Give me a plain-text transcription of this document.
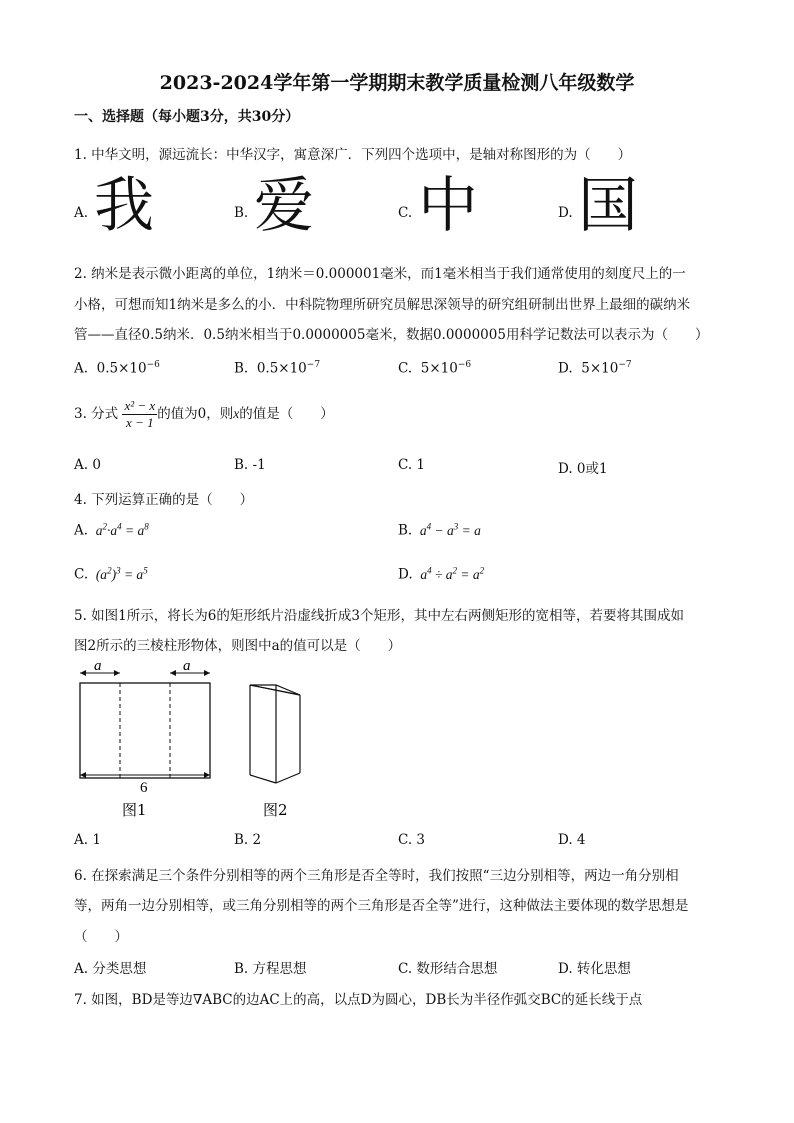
2023-2024学年第一学期期末教学质量检测八年级数学
一、选择题（每小题3分，共30分）
1. 中华文明，源远流长：中华汉字，寓意深广．下列四个选项中，是轴对称图形的为（　　）
A. 我	B. 爱	C. 中	D. 国
2. 纳米是表示微小距离的单位，1纳米＝0.000001毫米，而1毫米相当于我们通常使用的刻度尺上的一
小格，可想而知1纳米是多么的小．中科院物理所研究员解思深领导的研究组研制出世界上最细的碳纳米
管——直径0.5纳米．0.5纳米相当于0.0000005毫米，数据0.0000005用科学记数法可以表示为（　　）
A. $0.5\times 10^{-6}$	B. $0.5\times 10^{-7}$	C. $5\times 10^{-6}$	D. $5\times 10^{-7}$
3. 分式 $\frac{\text{x² − x}}{x - 1}$ 的值为0，则x的值是（　　）
A. 0	B. -1	C. 1	D. 0或1
4. 下列运算正确的是（　　）
A.  $a^2\cdot a^4 = a^8$	B.  $a^4 - a^3 = a$
C.  $(a^2)^3 = a^5$	D.  $a^4 \div a^2 = a^2$
5. 如图1所示，将长为6的矩形纸片沿虚线折成3个矩形，其中左右两侧矩形的宽相等，若要将其围成如
图2所示的三棱柱形物体，则图中a的值可以是（　　）
a	a
6
图1	图2
A. 1	B. 2	C. 3	D. 4
6. 在探索满足三个条件分别相等的两个三角形是否全等时，我们按照“三边分别相等，两边一角分别相
等，两角一边分别相等，或三角分别相等的两个三角形是否全等”进行，这种做法主要体现的数学思想是
（　　）
A. 分类思想	B. 方程思想	C. 数形结合思想	D. 转化思想
7. 如图，BD是等边∇ABC的边AC上的高，以点D为圆心，DB长为半径作弧交BC的延长线于点
